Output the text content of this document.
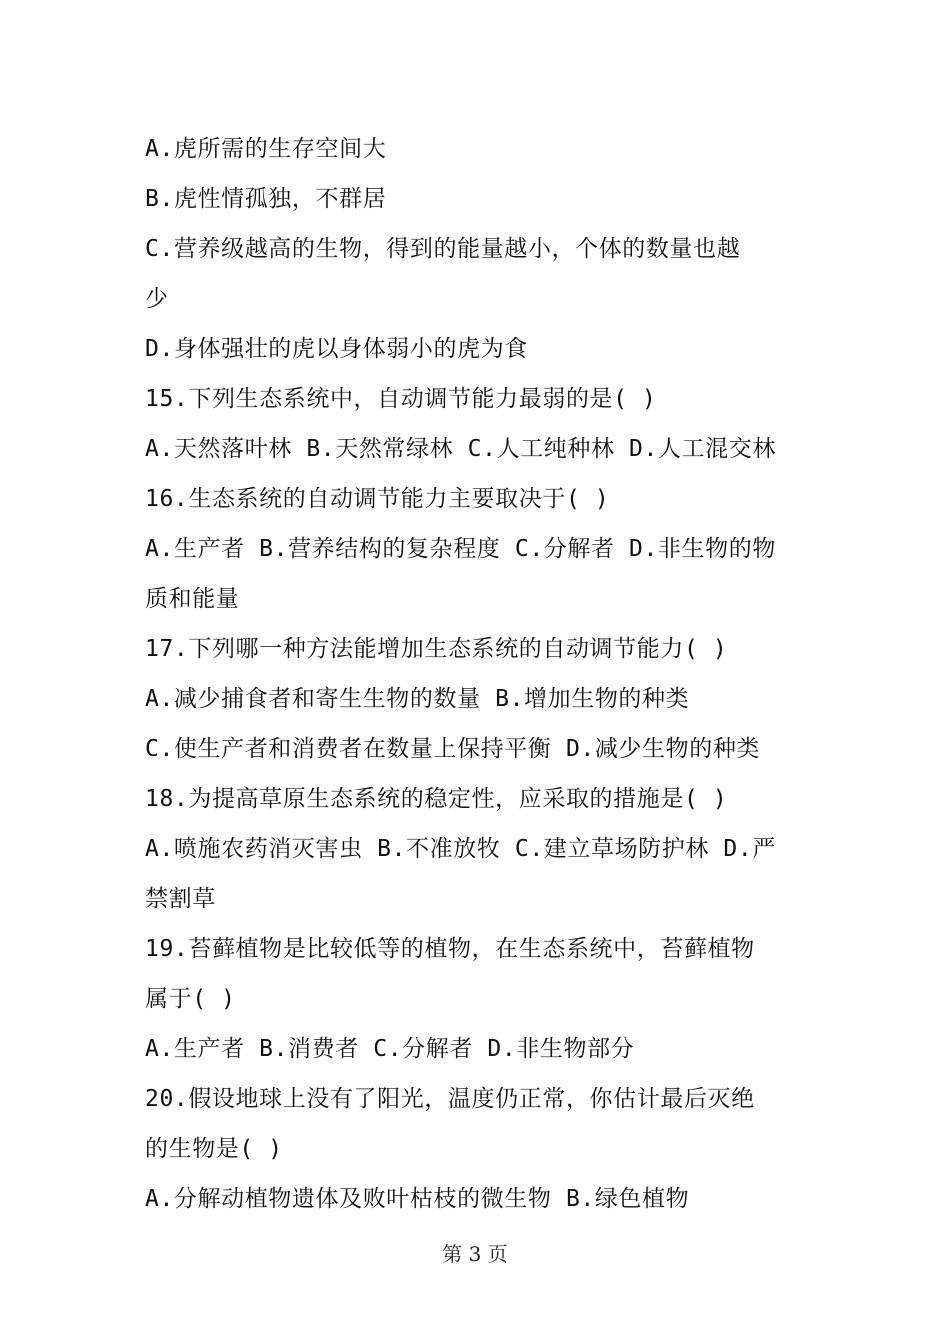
A.虎所需的生存空间大
B.虎性情孤独，不群居
C.营养级越高的生物，得到的能量越小，个体的数量也越
少
D.身体强壮的虎以身体弱小的虎为食
15.下列生态系统中，自动调节能力最弱的是( )
A.天然落叶林 B.天然常绿林 C.人工纯种林 D.人工混交林
16.生态系统的自动调节能力主要取决于( )
A.生产者 B.营养结构的复杂程度 C.分解者 D.非生物的物
质和能量
17.下列哪一种方法能增加生态系统的自动调节能力( )
A.减少捕食者和寄生生物的数量 B.增加生物的种类
C.使生产者和消费者在数量上保持平衡 D.减少生物的种类
18.为提高草原生态系统的稳定性，应采取的措施是( )
A.喷施农药消灭害虫 B.不准放牧 C.建立草场防护林 D.严
禁割草
19.苔藓植物是比较低等的植物，在生态系统中，苔藓植物
属于( )
A.生产者 B.消费者 C.分解者 D.非生物部分
20.假设地球上没有了阳光，温度仍正常，你估计最后灭绝
的生物是( )
A.分解动植物遗体及败叶枯枝的微生物 B.绿色植物
第 3 页
